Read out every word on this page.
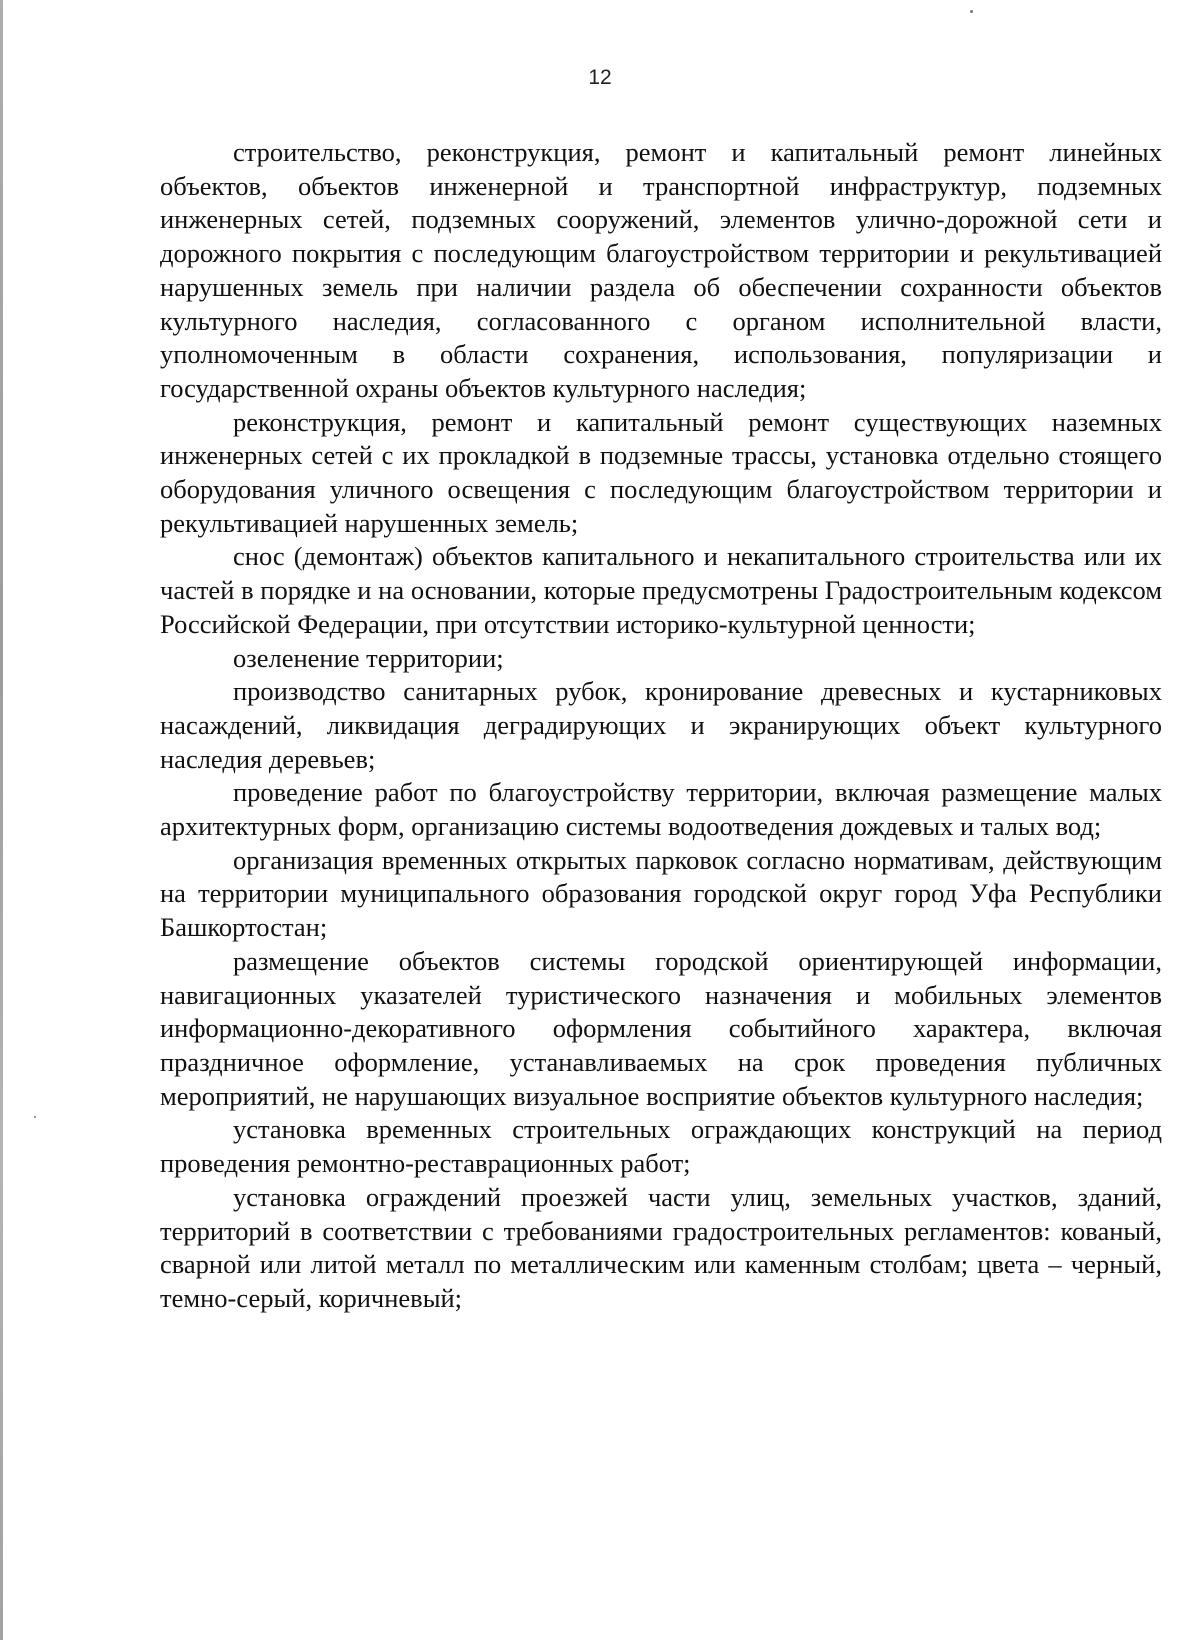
12

строительство, реконструкция, ремонт и капитальный ремонт линейных объектов, объектов инженерной и транспортной инфраструктур, подземных инженерных сетей, подземных сооружений, элементов улично-дорожной сети и дорожного покрытия с последующим благоустройством территории и рекультивацией нарушенных земель при наличии раздела об обеспечении сохранности объектов культурного наследия, согласованного с органом исполнительной власти, уполномоченным в области сохранения, использования, популяризации и государственной охраны объектов культурного наследия;

реконструкция, ремонт и капитальный ремонт существующих наземных инженерных сетей с их прокладкой в подземные трассы, установка отдельно стоящего оборудования уличного освещения с последующим благоустройством территории и рекультивацией нарушенных земель;

снос (демонтаж) объектов капитального и некапитального строительства или их частей в порядке и на основании, которые предусмотрены Градостроительным кодексом Российской Федерации, при отсутствии историко-культурной ценности;

озеленение территории;

производство санитарных рубок, кронирование древесных и кустарниковых насаждений, ликвидация деградирующих и экранирующих объект культурного наследия деревьев;

проведение работ по благоустройству территории, включая размещение малых архитектурных форм, организацию системы водоотведения дождевых и талых вод;

организация временных открытых парковок согласно нормативам, действующим на территории муниципального образования городской округ город Уфа Республики Башкортостан;

размещение объектов системы городской ориентирующей информации, навигационных указателей туристического назначения и мобильных элементов информационно-декоративного оформления событийного характера, включая праздничное оформление, устанавливаемых на срок проведения публичных мероприятий, не нарушающих визуальное восприятие объектов культурного наследия;

установка временных строительных ограждающих конструкций на период проведения ремонтно-реставрационных работ;

установка ограждений проезжей части улиц, земельных участков, зданий, территорий в соответствии с требованиями градостроительных регламентов: кованый, сварной или литой металл по металлическим или каменным столбам; цвета – черный, темно-серый, коричневый;
